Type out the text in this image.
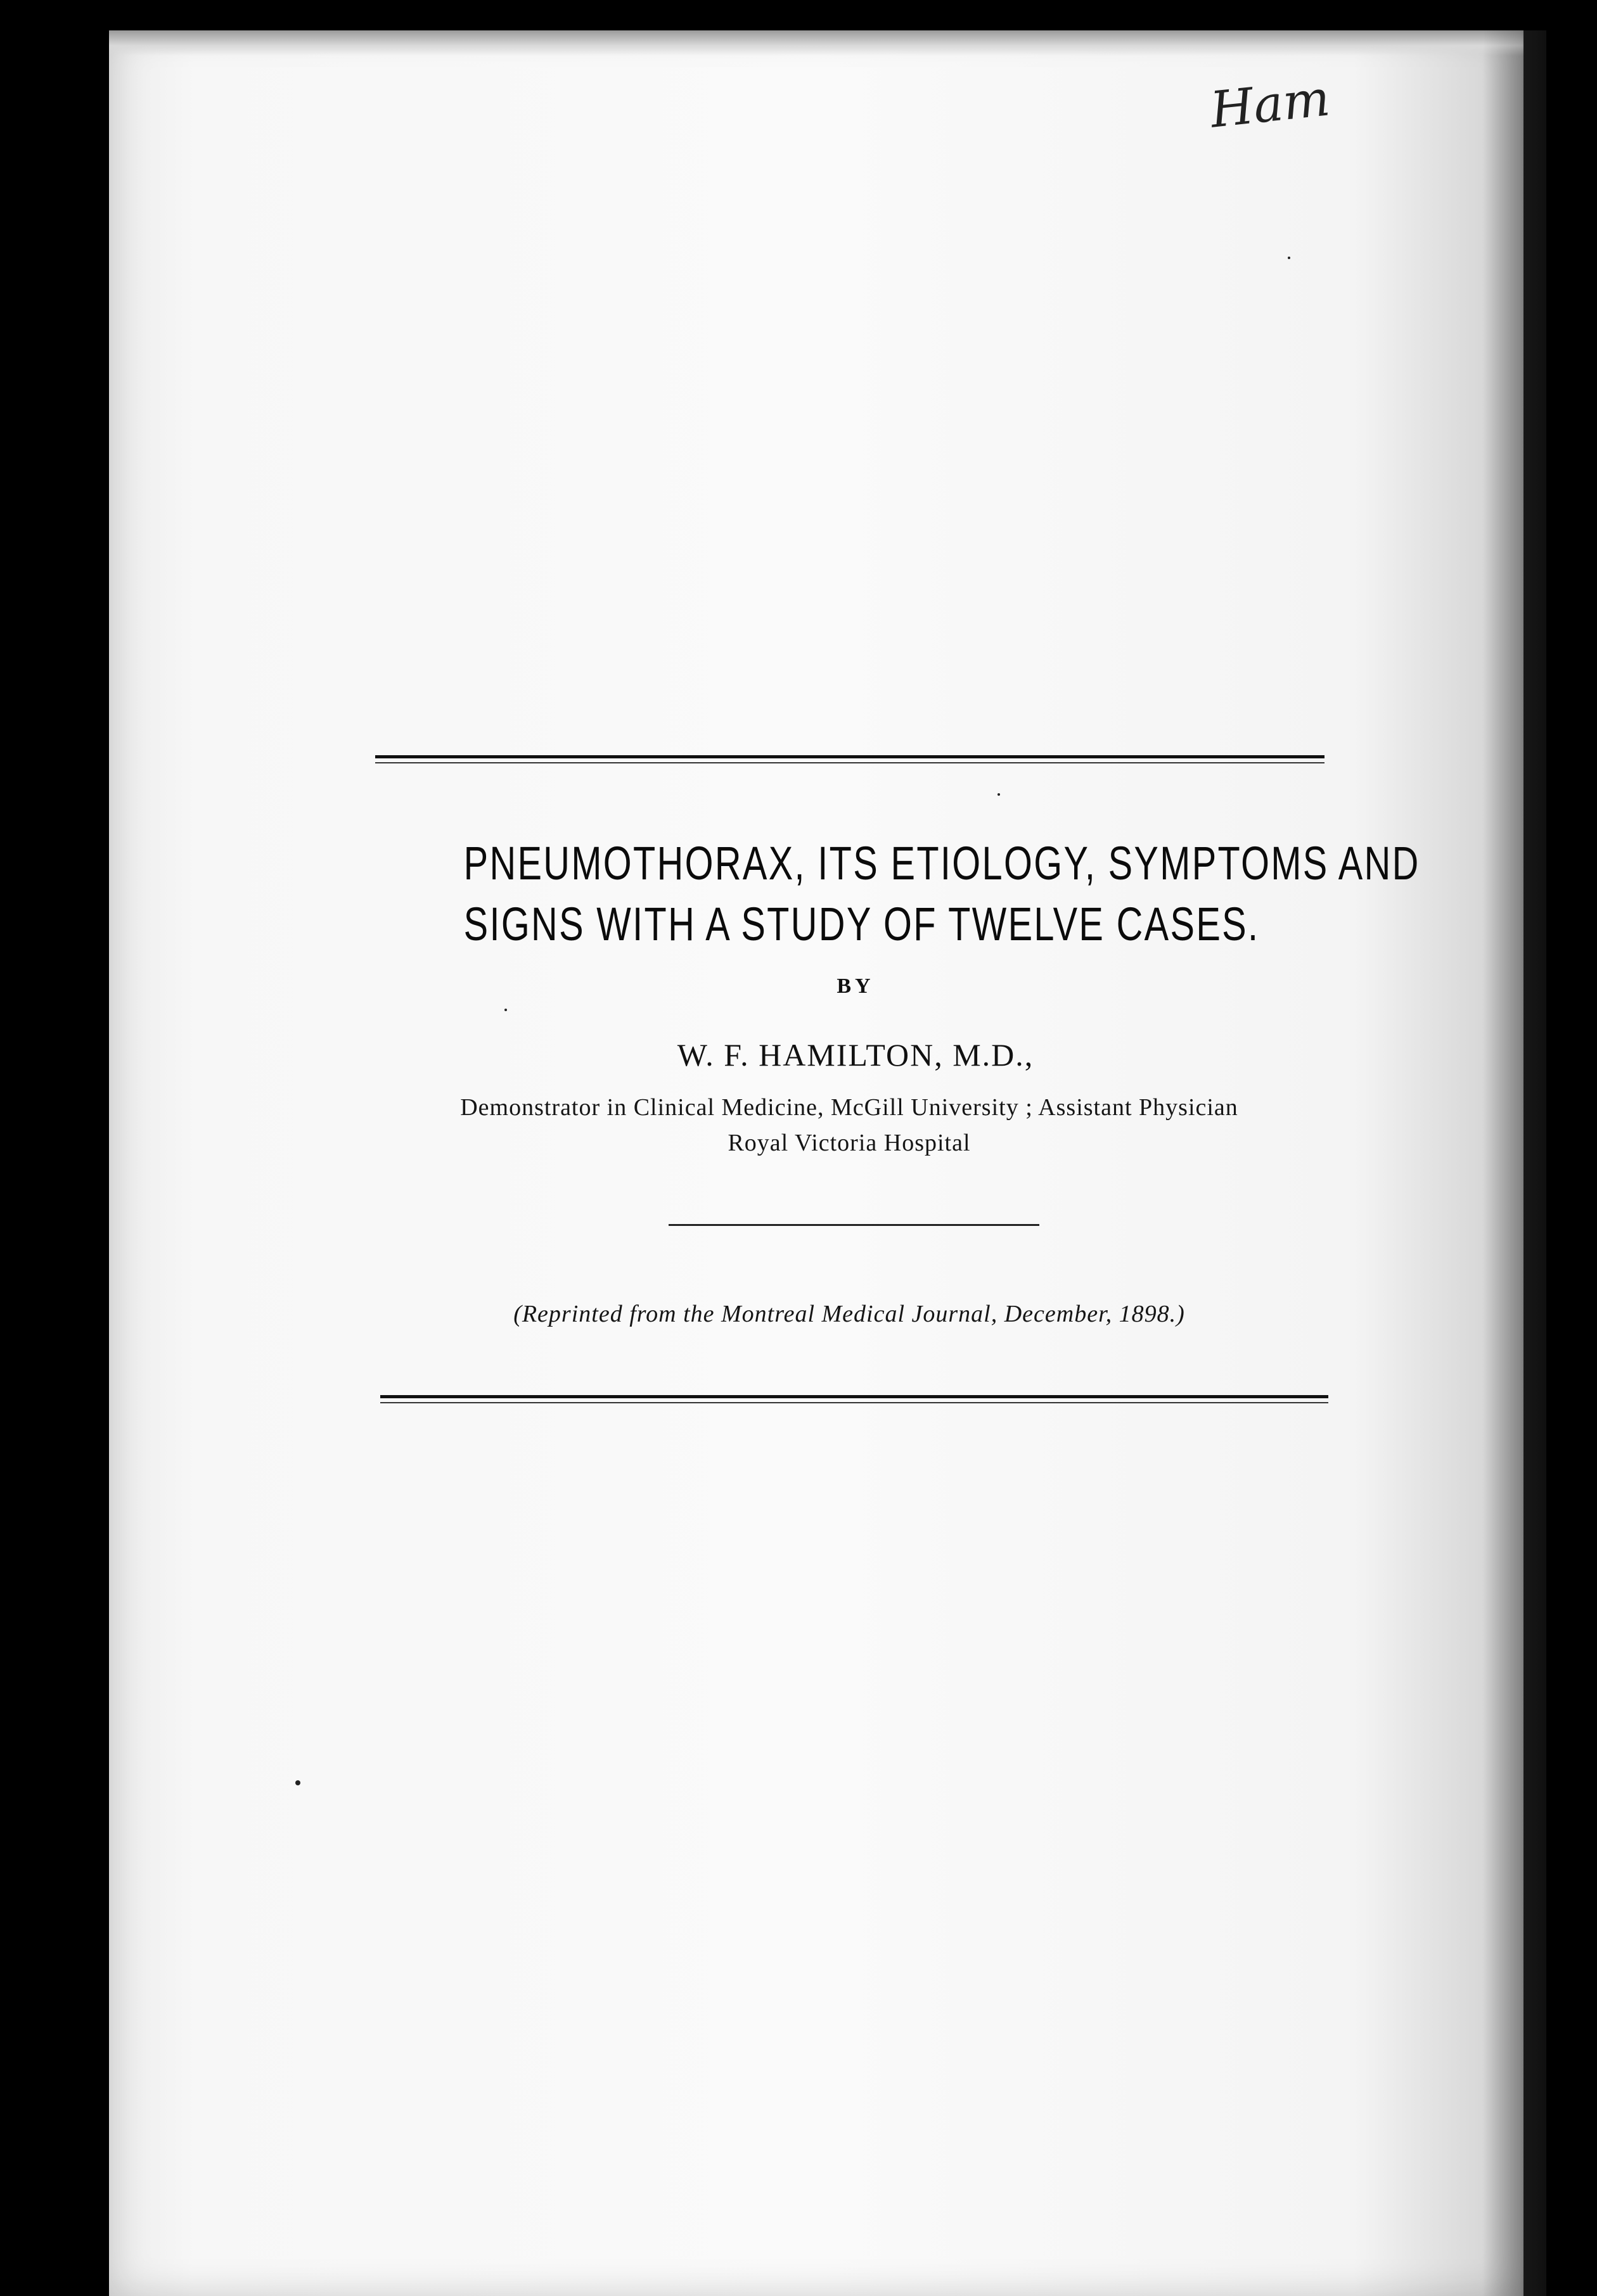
Ham
PNEUMOTHORAX, ITS ETIOLOGY, SYMPTOMS AND
SIGNS WITH A STUDY OF TWELVE CASES.
BY
W. F. HAMILTON, M.D.,
Demonstrator in Clinical Medicine, McGill University ; Assistant Physician
Royal Victoria Hospital
(Reprinted from the Montreal Medical Journal, December, 1898.)
